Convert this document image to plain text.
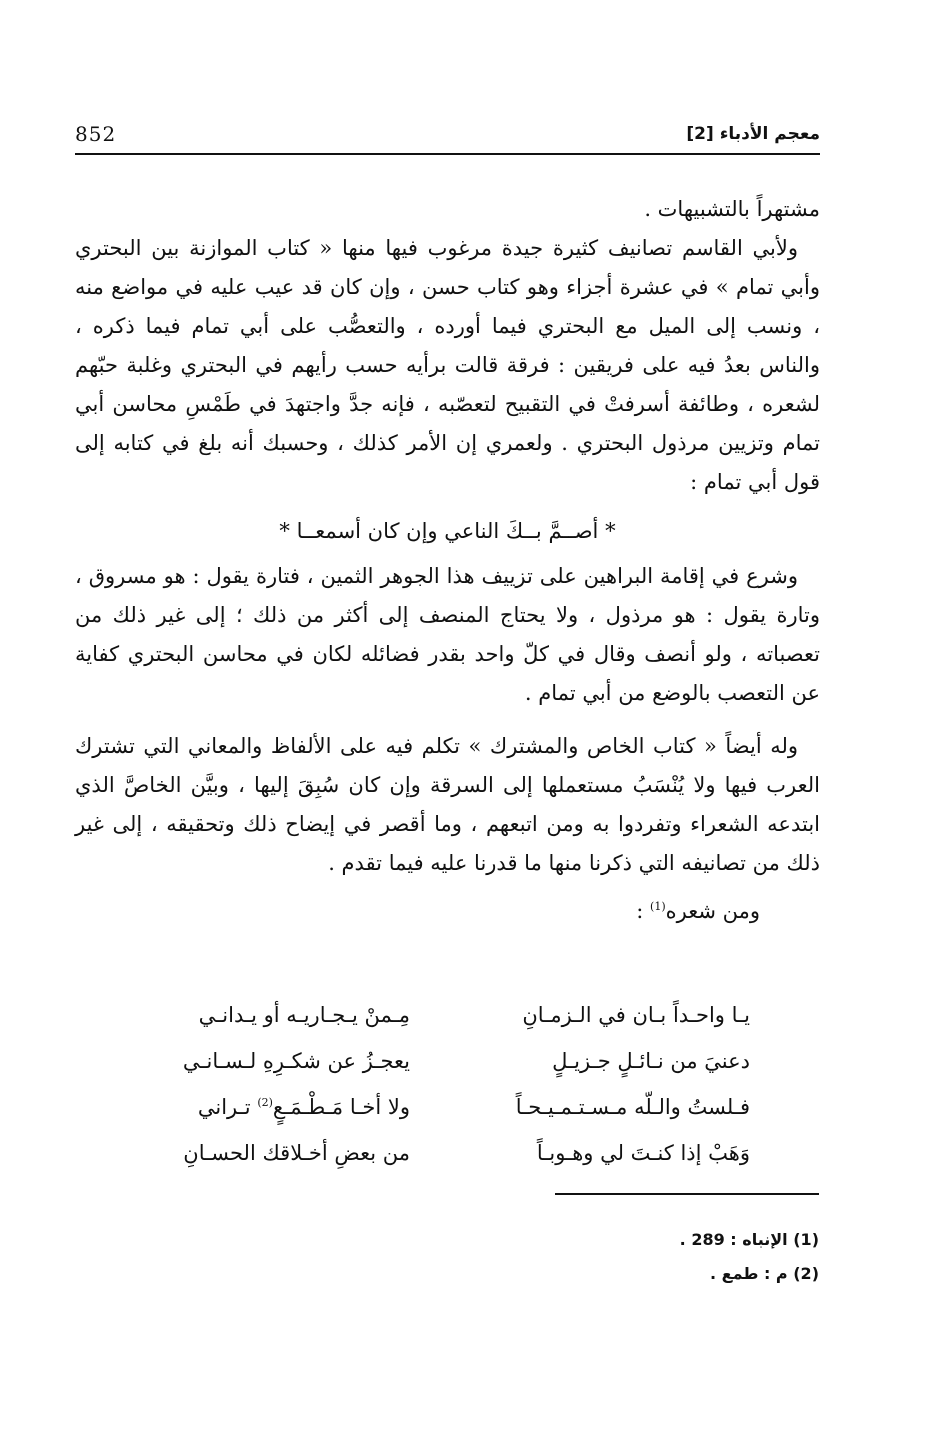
852	معجم الأدباء [2]

مشتهراً بالتشبيهات .

ولأبي القاسم تصانيف كثيرة جيدة مرغوب فيها منها « كتاب الموازنة بين البحتري وأبي تمام » في عشرة أجزاء وهو كتاب حسن ، وإن كان قد عيب عليه في مواضع منه ، ونسب إلى الميل مع البحتري فيما أورده ، والتعصُّب على أبي تمام فيما ذكره ، والناس بعدُ فيه على فريقين : فرقة قالت برأيه حسب رأيهم في البحتري وغلبة حبّهم لشعره ، وطائفة أسرفتْ في التقبيح لتعصّبه ، فإنه جدَّ واجتهدَ في طَمْسِ محاسن أبي تمام وتزيين مرذول البحتري . ولعمري إن الأمر كذلك ، وحسبك أنه بلغ في كتابه إلى قول أبي تمام :

* أصــمَّ بــكَ الناعي وإن كان أسمعــا *

وشرع في إقامة البراهين على تزييف هذا الجوهر الثمين ، فتارة يقول : هو مسروق ، وتارة يقول : هو مرذول ، ولا يحتاج المنصف إلى أكثر من ذلك ؛ إلى غير ذلك من تعصباته ، ولو أنصف وقال في كلّ واحد بقدر فضائله لكان في محاسن البحتري كفاية عن التعصب بالوضع من أبي تمام .

وله أيضاً « كتاب الخاص والمشترك » تكلم فيه على الألفاظ والمعاني التي تشترك العرب فيها ولا يُنْسَبُ مستعملها إلى السرقة وإن كان سُبِقَ إليها ، وبيَّن الخاصَّ الذي ابتدعه الشعراء وتفردوا به ومن اتبعهم ، وما أقصر في إيضاح ذلك وتحقيقه ، إلى غير ذلك من تصانيفه التي ذكرنا منها ما قدرنا عليه فيما تقدم .

ومن شعره$^{(1)}$ :

يـا واحـداً بـان في الـزمـانِ
مِـمنْ يـجـاريـه أو يـدانـي
دعنيَ من نـائـلٍ جـزيـلٍ
يعجـزُ عن شكـرِهِ لـسـانـي
فـلستُ والـلّه مـسـتـمـيـحـاً
ولا أخـا مَـطْـمَـعٍ$^{(2)}$ تـراني
وَهَبْ إذا كنـتَ لي وهـوبـاً
من بعضِ أخـلاقك الحسـانِ
(1) الإنباه : 289 .
(2) م : طمع .
